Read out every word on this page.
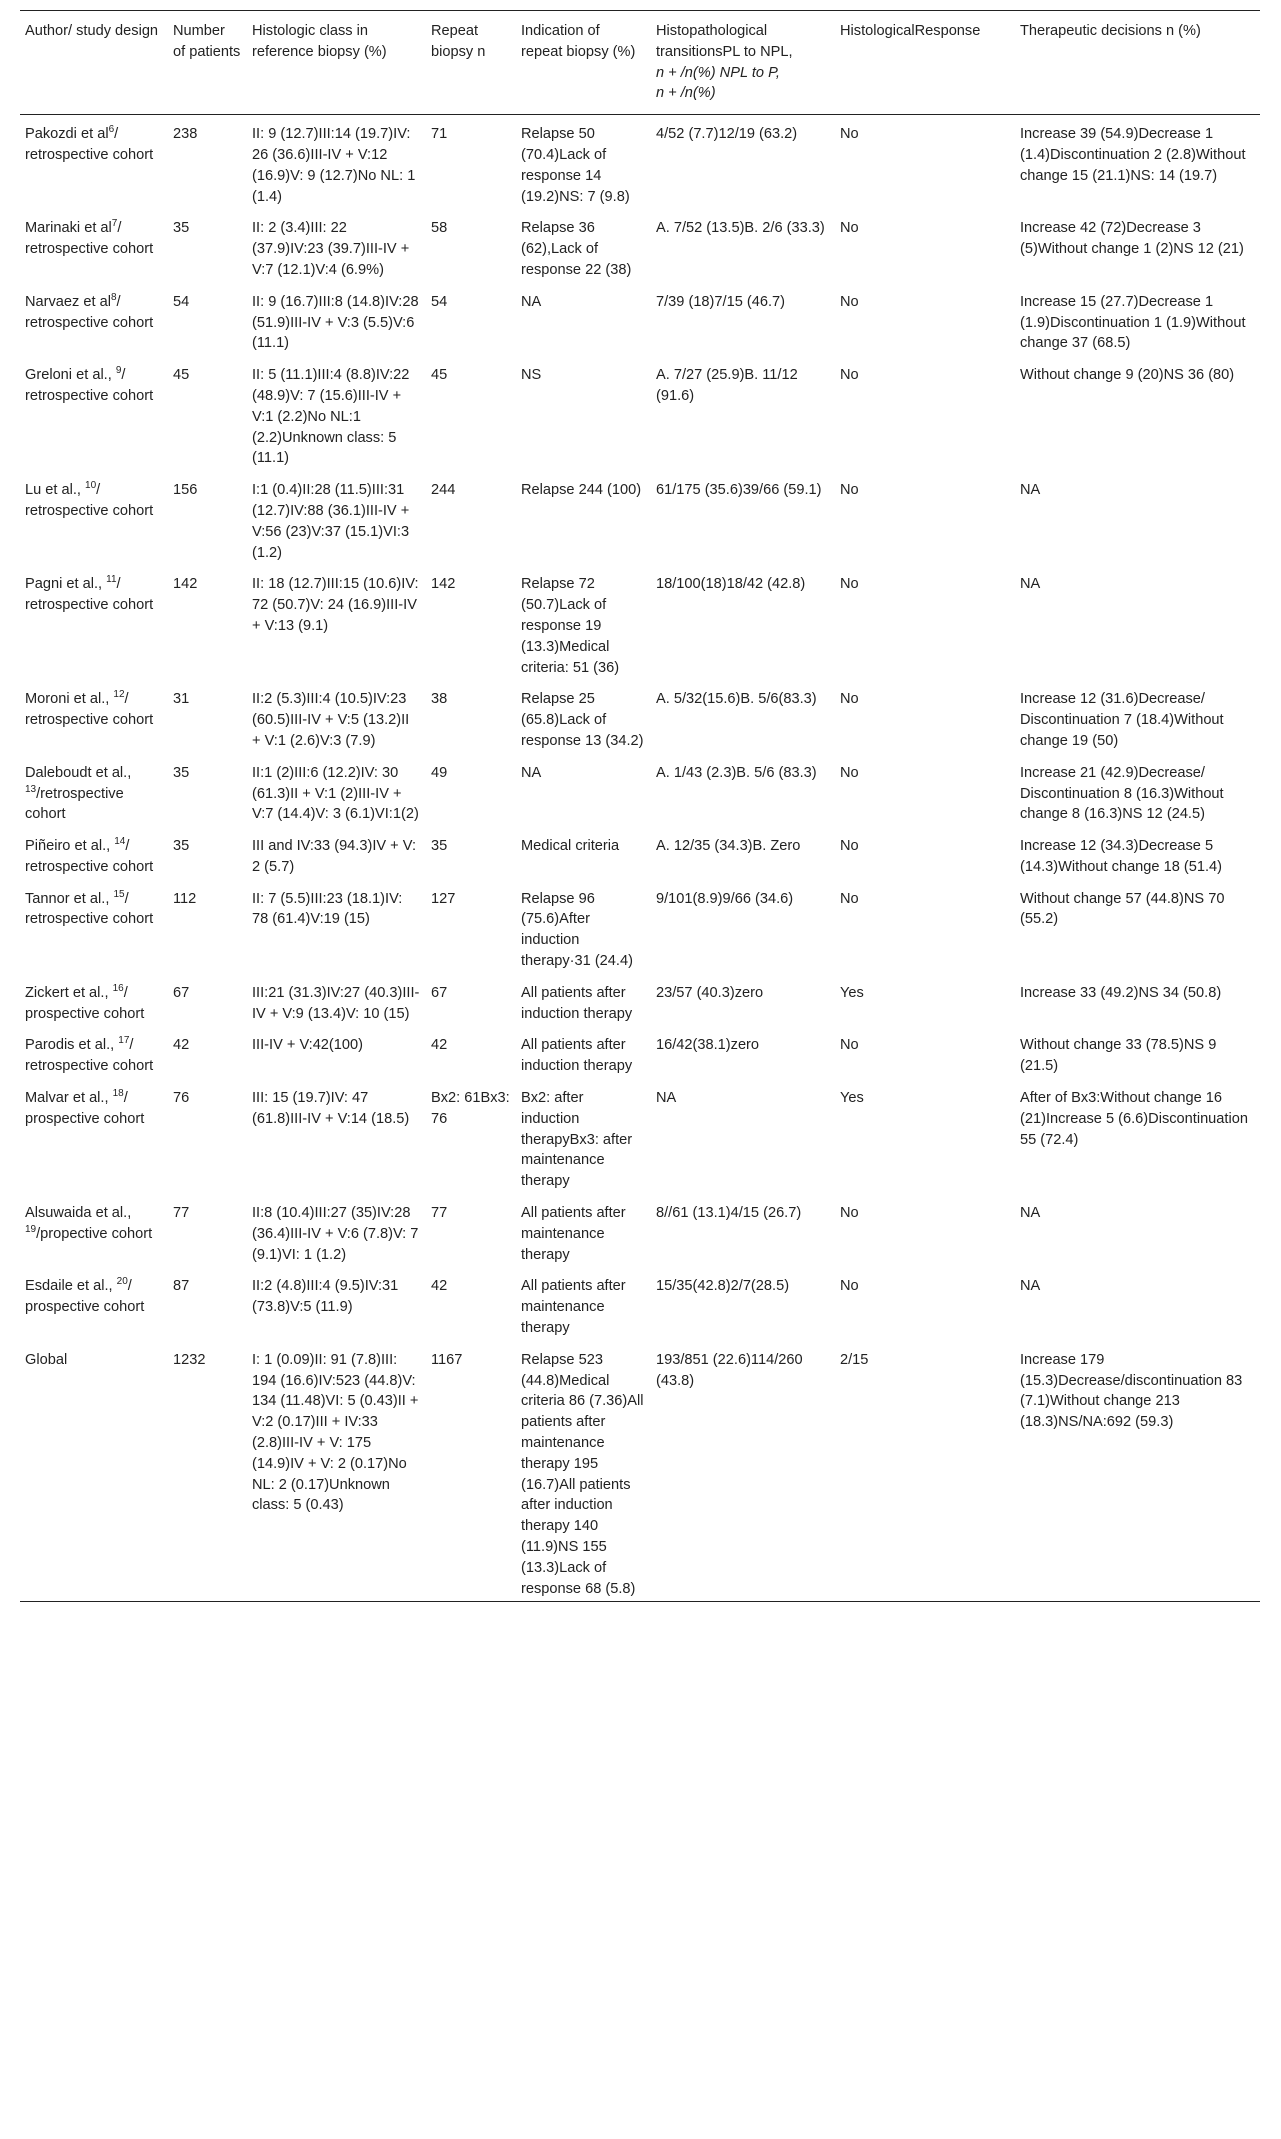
Author/ study design	Number of patients	Histologic class in reference biopsy (%)	Repeat biopsy n	Indication of repeat biopsy (%)	Histopathological transitionsPL to NPL,
n + /n(%) NPL to P,
n + /n(%)	HistologicalResponse	Therapeutic decisions n (%)
Pakozdi et $al^6/$ retrospective cohort	238	II: 9 (12.7)III:14 (19.7)IV: 26 (36.6)III-IV + V:12 (16.9)V: 9 (12.7)No NL: 1 (1.4)	71	Relapse 50 (70.4)Lack of response 14 (19.2)NS: 7 (9.8)	4/52 (7.7)12/19 (63.2)	No	Increase 39 (54.9)Decrease 1 (1.4)Discontinuation 2 (2.8)Without change 15 (21.1)NS: 14 (19.7)
Marinaki et $al^7/$ retrospective cohort	35	II: 2 (3.4)III: 22 (37.9)IV:23 (39.7)III-IV + V:7 (12.1)V:4 (6.9%)	58	Relapse 36 (62),Lack of response 22 (38)	A. 7/52 (13.5)B. 2/6 (33.3)	No	Increase 42 (72)Decrease 3 (5)Without change 1 (2)NS 12 (21)
Narvaez et $al^8/$ retrospective cohort	54	II: 9 (16.7)III:8 (14.8)IV:28 (51.9)III-IV + V:3 (5.5)V:6 (11.1)	54	NA	7/39 (18)7/15 (46.7)	No	Increase 15 (27.7)Decrease 1 (1.9)Discontinuation 1 (1.9)Without change 37 (68.5)
Greloni et al., $^9$/ retrospective cohort	45	II: 5 (11.1)III:4 (8.8)IV:22 (48.9)V: 7 (15.6)III-IV + V:1 (2.2)No NL:1 (2.2)Unknown class: 5 (11.1)	45	NS	A. 7/27 (25.9)B. 11/12 (91.6)	No	Without change 9 (20)NS 36 (80)
Lu et al., $^{10}$/ retrospective cohort	156	I:1 (0.4)II:28 (11.5)III:31 (12.7)IV:88 (36.1)III-IV + V:56 (23)V:37 (15.1)VI:3 (1.2)	244	Relapse 244 (100)	61/175 (35.6)39/66 (59.1)	No	NA
Pagni et al., $^{11}$/ retrospective cohort	142	II: 18 (12.7)III:15 (10.6)IV: 72 (50.7)V: 24 (16.9)III-IV + V:13 (9.1)	142	Relapse 72 (50.7)Lack of response 19 (13.3)Medical criteria: 51 (36)	18/100(18)18/42 (42.8)	No	NA
Moroni et al., $^{12}$/ retrospective cohort	31	II:2 (5.3)III:4 (10.5)IV:23 (60.5)III-IV + V:5 (13.2)II + V:1 (2.6)V:3 (7.9)	38	Relapse 25 (65.8)Lack of response 13 (34.2)	A. 5/32(15.6)B. 5/6(83.3)	No	Increase 12 (31.6)Decrease/ Discontinuation 7 (18.4)Without change 19 (50)
Daleboudt et al., $^{13}$/retrospective cohort	35	II:1 (2)III:6 (12.2)IV: 30 (61.3)II + V:1 (2)III-IV + V:7 (14.4)V: 3 (6.1)VI:1(2)	49	NA	A. 1/43 (2.3)B. 5/6 (83.3)	No	Increase 21 (42.9)Decrease/ Discontinuation 8 (16.3)Without change 8 (16.3)NS 12 (24.5)
Piñeiro et al., $^{14}$/ retrospective cohort	35	III and IV:33 (94.3)IV + V: 2 (5.7)	35	Medical criteria	A. 12/35 (34.3)B. Zero	No	Increase 12 (34.3)Decrease 5 (14.3)Without change 18 (51.4)
Tannor et al., $^{15}$/ retrospective cohort	112	II: 7 (5.5)III:23 (18.1)IV: 78 (61.4)V:19 (15)	127	Relapse 96 (75.6)After induction therapy·31 (24.4)	9/101(8.9)9/66 (34.6)	No	Without change 57 (44.8)NS 70 (55.2)
Zickert et al., $^{16}$/ prospective cohort	67	III:21 (31.3)IV:27 (40.3)III-IV + V:9 (13.4)V: 10 (15)	67	All patients after induction therapy	23/57 (40.3)zero	Yes	Increase 33 (49.2)NS 34 (50.8)
Parodis et al., $^{17}$/ retrospective cohort	42	III-IV + V:42(100)	42	All patients after induction therapy	16/42(38.1)zero	No	Without change 33 (78.5)NS 9 (21.5)
Malvar et al., $^{18}$/ prospective cohort	76	III: 15 (19.7)IV: 47 (61.8)III-IV + V:14 (18.5)	Bx2: 61Bx3: 76	Bx2: after induction therapyBx3: after maintenance therapy	NA	Yes	After of Bx3:Without change 16 (21)Increase 5 (6.6)Discontinuation 55 (72.4)
Alsuwaida et al., $^{19}$/propective cohort	77	II:8 (10.4)III:27 (35)IV:28 (36.4)III-IV + V:6 (7.8)V: 7 (9.1)VI: 1 (1.2)	77	All patients after maintenance therapy	8//61 (13.1)4/15 (26.7)	No	NA
Esdaile et al., $^{20}$/ prospective cohort	87	II:2 (4.8)III:4 (9.5)IV:31 (73.8)V:5 (11.9)	42	All patients after maintenance therapy	15/35(42.8)2/7(28.5)	No	NA
Global	1232	I: 1 (0.09)II: 91 (7.8)III: 194 (16.6)IV:523 (44.8)V: 134 (11.48)VI: 5 (0.43)II + V:2 (0.17)III + IV:33 (2.8)III-IV + V: 175 (14.9)IV + V: 2 (0.17)No NL: 2 (0.17)Unknown class: 5 (0.43)	1167	Relapse 523 (44.8)Medical criteria 86 (7.36)All patients after maintenance therapy 195 (16.7)All patients after induction therapy 140 (11.9)NS 155 (13.3)Lack of response 68 (5.8)	193/851 (22.6)114/260 (43.8)	2/15	Increase 179 (15.3)Decrease/discontinuation 83 (7.1)Without change 213 (18.3)NS/NA:692 (59.3)
